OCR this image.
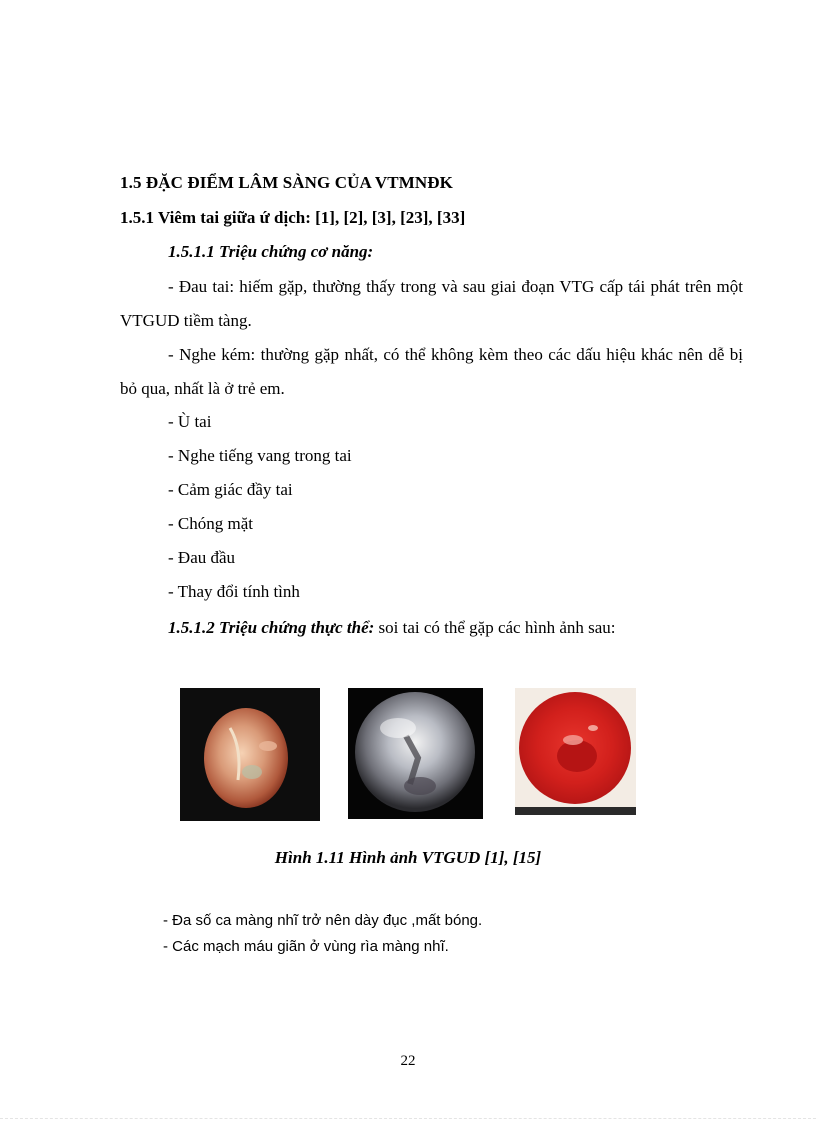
1.5 ĐẶC ĐIỂM LÂM SÀNG CỦA VTMNĐK
1.5.1 Viêm tai giữa ứ dịch: [1], [2], [3], [23], [33]
1.5.1.1 Triệu chứng cơ năng:
- Đau tai: hiếm gặp, thường thấy trong và sau giai đoạn VTG cấp tái phát trên một VTGUD tiềm tàng.
- Nghe kém: thường gặp nhất, có thể không kèm theo các dấu hiệu khác nên dễ bị bỏ qua, nhất là ở trẻ em.
- Ù tai
- Nghe tiếng vang trong tai
- Cảm giác đầy tai
- Chóng mặt
- Đau đầu
- Thay đổi tính tình
1.5.1.2 Triệu chứng thực thể: soi tai có thể gặp các hình ảnh sau:
Hình 1.11 Hình ảnh VTGUD [1], [15]
- Đa số ca màng nhĩ trở nên dày đục ,mất bóng.
- Các mạch máu giãn ở vùng rìa màng nhĩ.
22
